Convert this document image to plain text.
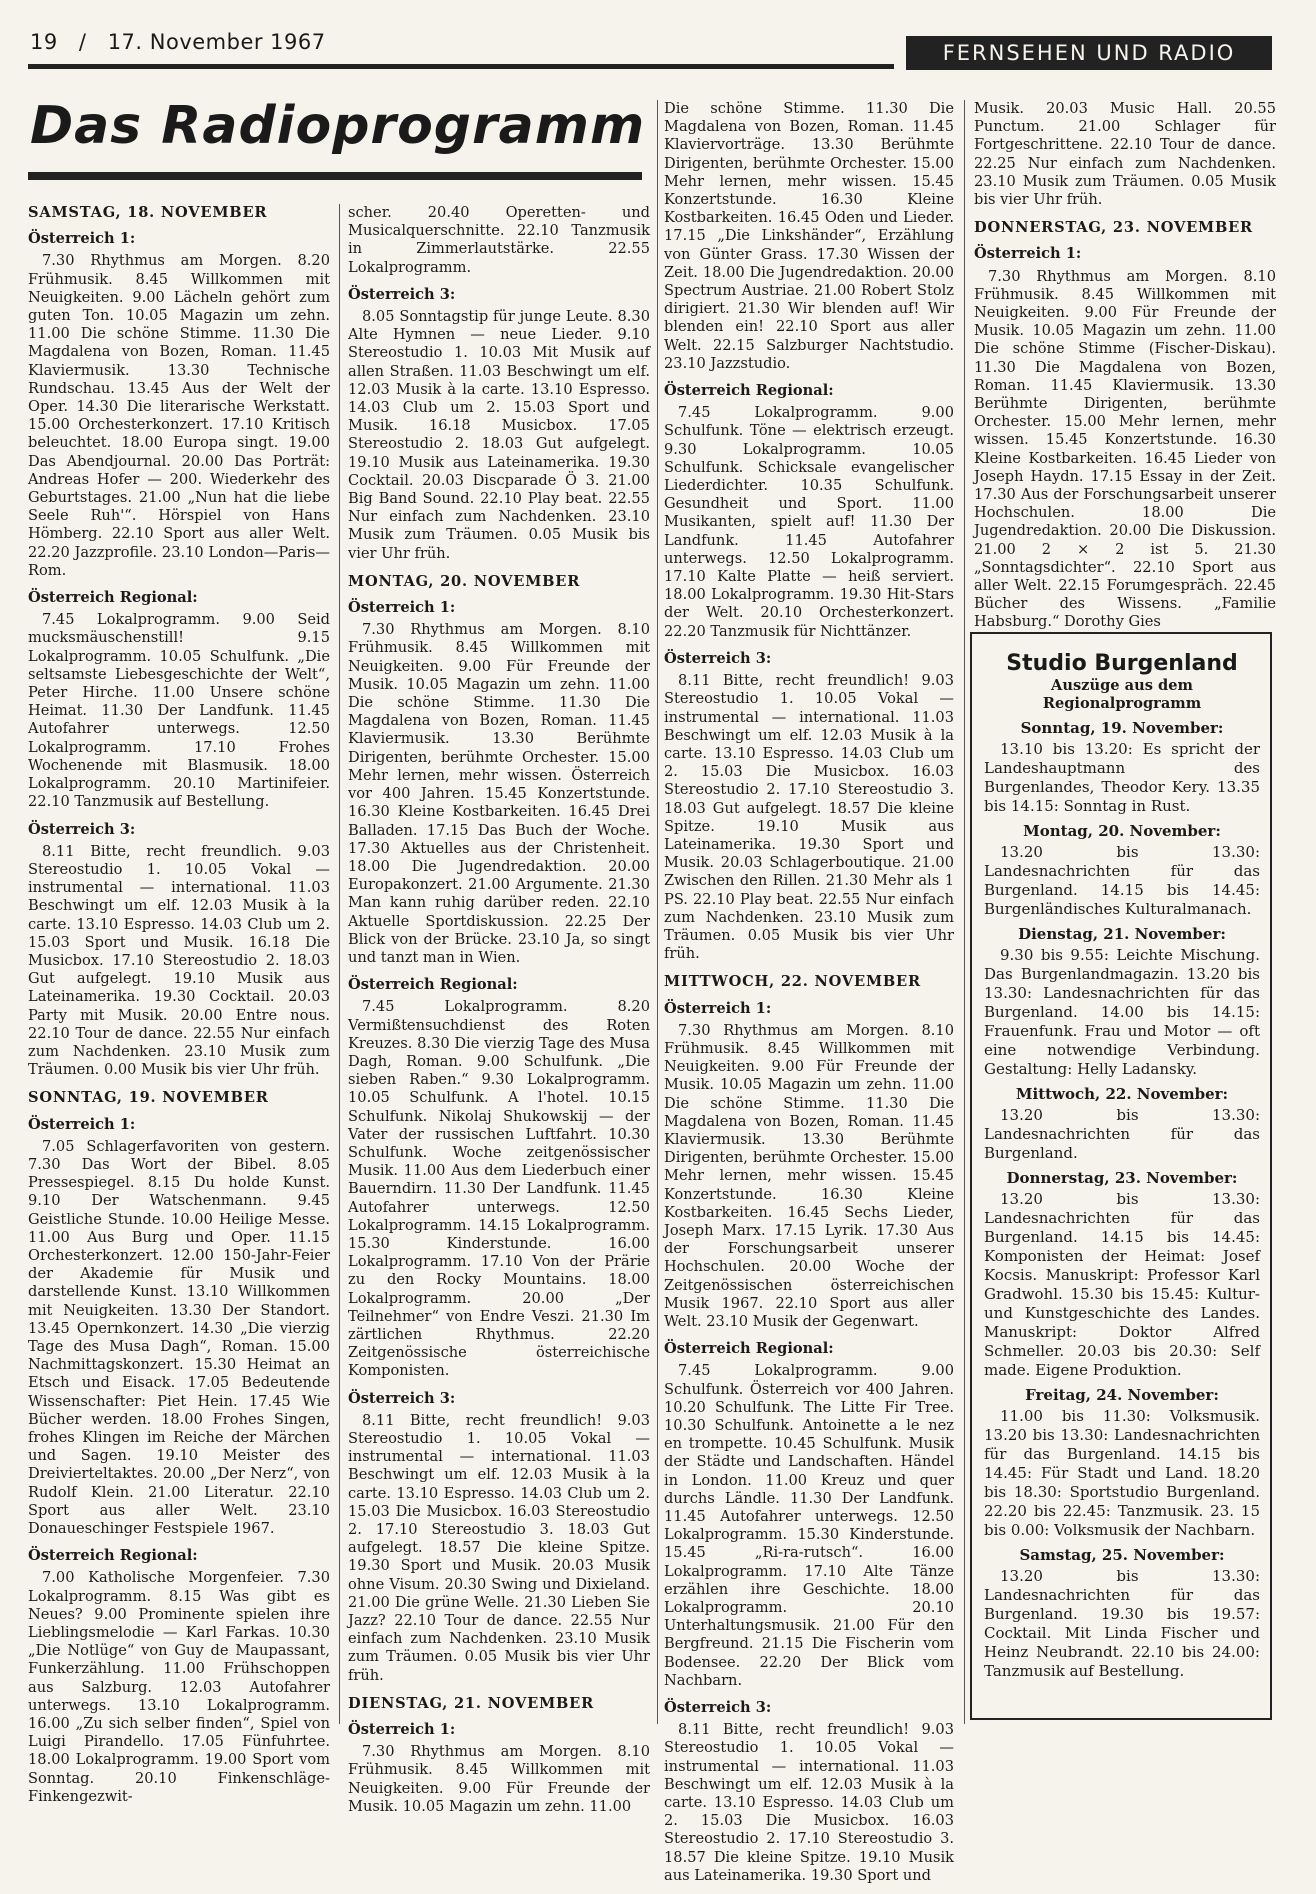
19 / 17. November 1967	FERNSEHEN UND RADIO
Das Radioprogramm
SAMSTAG, 18. NOVEMBER
Österreich 1:

7.30 Rhythmus am Morgen. 8.20 Frühmusik. 8.45 Willkommen mit Neuigkeiten. 9.00 Lächeln gehört zum guten Ton. 10.05 Magazin um zehn. 11.00 Die schöne Stimme. 11.30 Die Magdalena von Bozen, Roman. 11.45 Klaviermusik. 13.30 Technische Rundschau. 13.45 Aus der Welt der Oper. 14.30 Die literarische Werkstatt. 15.00 Orchesterkonzert. 17.10 Kritisch beleuchtet. 18.00 Europa singt. 19.00 Das Abendjournal. 20.00 Das Porträt: Andreas Hofer — 200. Wiederkehr des Geburtstages. 21.00 „Nun hat die liebe Seele Ruh'“. Hörspiel von Hans Hömberg. 22.10 Sport aus aller Welt. 22.20 Jazzprofile. 23.10 London—Paris—Rom.

Österreich Regional:

7.45 Lokalprogramm. 9.00 Seid mucksmäuschenstill! 9.15 Lokalprogramm. 10.05 Schulfunk. „Die seltsamste Liebesgeschichte der Welt“, Peter Hirche. 11.00 Unsere schöne Heimat. 11.30 Der Landfunk. 11.45 Autofahrer unterwegs. 12.50 Lokalprogramm. 17.10 Frohes Wochenende mit Blasmusik. 18.00 Lokalprogramm. 20.10 Martinifeier. 22.10 Tanzmusik auf Bestellung.

Österreich 3:

8.11 Bitte, recht freundlich. 9.03 Stereostudio 1. 10.05 Vokal — instrumental — international. 11.03 Beschwingt um elf. 12.03 Musik à la carte. 13.10 Espresso. 14.03 Club um 2. 15.03 Sport und Musik. 16.18 Die Musicbox. 17.10 Stereostudio 2. 18.03 Gut aufgelegt. 19.10 Musik aus Lateinamerika. 19.30 Cocktail. 20.03 Party mit Musik. 20.00 Entre nous. 22.10 Tour de dance. 22.55 Nur einfach zum Nachdenken. 23.10 Musik zum Träumen. 0.00 Musik bis vier Uhr früh.

SONNTAG, 19. NOVEMBER
Österreich 1:

7.05 Schlagerfavoriten von gestern. 7.30 Das Wort der Bibel. 8.05 Pressespiegel. 8.15 Du holde Kunst. 9.10 Der Watschenmann. 9.45 Geistliche Stunde. 10.00 Heilige Messe. 11.00 Aus Burg und Oper. 11.15 Orchesterkonzert. 12.00 150-Jahr-Feier der Akademie für Musik und darstellende Kunst. 13.10 Willkommen mit Neuigkeiten. 13.30 Der Standort. 13.45 Opernkonzert. 14.30 „Die vierzig Tage des Musa Dagh“, Roman. 15.00 Nachmittagskonzert. 15.30 Heimat an Etsch und Eisack. 17.05 Bedeutende Wissenschafter: Piet Hein. 17.45 Wie Bücher werden. 18.00 Frohes Singen, frohes Klingen im Reiche der Märchen und Sagen. 19.10 Meister des Dreivierteltaktes. 20.00 „Der Nerz“, von Rudolf Klein. 21.00 Literatur. 22.10 Sport aus aller Welt. 23.10 Donaueschinger Festspiele 1967.

Österreich Regional:

7.00 Katholische Morgenfeier. 7.30 Lokalprogramm. 8.15 Was gibt es Neues? 9.00 Prominente spielen ihre Lieblingsmelodie — Karl Farkas. 10.30 „Die Notlüge“ von Guy de Maupassant, Funkerzählung. 11.00 Frühschoppen aus Salzburg. 12.03 Autofahrer unterwegs. 13.10 Lokalprogramm. 16.00 „Zu sich selber finden“, Spiel von Luigi Pirandello. 17.05 Fünfuhrtee. 18.00 Lokalprogramm. 19.00 Sport vom Sonntag. 20.10 Finkenschläge-Finkengezwit-

scher. 20.40 Operetten- und Musicalquerschnitte. 22.10 Tanzmusik in Zimmerlautstärke. 22.55 Lokalprogramm.

Österreich 3:

8.05 Sonntagstip für junge Leute. 8.30 Alte Hymnen — neue Lieder. 9.10 Stereostudio 1. 10.03 Mit Musik auf allen Straßen. 11.03 Beschwingt um elf. 12.03 Musik à la carte. 13.10 Espresso. 14.03 Club um 2. 15.03 Sport und Musik. 16.18 Musicbox. 17.05 Stereostudio 2. 18.03 Gut aufgelegt. 19.10 Musik aus Lateinamerika. 19.30 Cocktail. 20.03 Discparade Ö 3. 21.00 Big Band Sound. 22.10 Play beat. 22.55 Nur einfach zum Nachdenken. 23.10 Musik zum Träumen. 0.05 Musik bis vier Uhr früh.

MONTAG, 20. NOVEMBER
Österreich 1:

7.30 Rhythmus am Morgen. 8.10 Frühmusik. 8.45 Willkommen mit Neuigkeiten. 9.00 Für Freunde der Musik. 10.05 Magazin um zehn. 11.00 Die schöne Stimme. 11.30 Die Magdalena von Bozen, Roman. 11.45 Klaviermusik. 13.30 Berühmte Dirigenten, berühmte Orchester. 15.00 Mehr lernen, mehr wissen. Österreich vor 400 Jahren. 15.45 Konzertstunde. 16.30 Kleine Kostbarkeiten. 16.45 Drei Balladen. 17.15 Das Buch der Woche. 17.30 Aktuelles aus der Christenheit. 18.00 Die Jugendredaktion. 20.00 Europakonzert. 21.00 Argumente. 21.30 Man kann ruhig darüber reden. 22.10 Aktuelle Sportdiskussion. 22.25 Der Blick von der Brücke. 23.10 Ja, so singt und tanzt man in Wien.

Österreich Regional:

7.45 Lokalprogramm. 8.20 Vermißtensuchdienst des Roten Kreuzes. 8.30 Die vierzig Tage des Musa Dagh, Roman. 9.00 Schulfunk. „Die sieben Raben.“ 9.30 Lokalprogramm. 10.05 Schulfunk. A l'hotel. 10.15 Schulfunk. Nikolaj Shukowskij — der Vater der russischen Luftfahrt. 10.30 Schulfunk. Woche zeitgenössischer Musik. 11.00 Aus dem Liederbuch einer Bauerndirn. 11.30 Der Landfunk. 11.45 Autofahrer unterwegs. 12.50 Lokalprogramm. 14.15 Lokalprogramm. 15.30 Kinderstunde. 16.00 Lokalprogramm. 17.10 Von der Prärie zu den Rocky Mountains. 18.00 Lokalprogramm. 20.00 „Der Teilnehmer“ von Endre Veszi. 21.30 Im zärtlichen Rhythmus. 22.20 Zeitgenössische österreichische Komponisten.

Österreich 3:

8.11 Bitte, recht freundlich! 9.03 Stereostudio 1. 10.05 Vokal — instrumental — international. 11.03 Beschwingt um elf. 12.03 Musik à la carte. 13.10 Espresso. 14.03 Club um 2. 15.03 Die Musicbox. 16.03 Stereostudio 2. 17.10 Stereostudio 3. 18.03 Gut aufgelegt. 18.57 Die kleine Spitze. 19.30 Sport und Musik. 20.03 Musik ohne Visum. 20.30 Swing und Dixieland. 21.00 Die grüne Welle. 21.30 Lieben Sie Jazz? 22.10 Tour de dance. 22.55 Nur einfach zum Nachdenken. 23.10 Musik zum Träumen. 0.05 Musik bis vier Uhr früh.

DIENSTAG, 21. NOVEMBER
Österreich 1:

7.30 Rhythmus am Morgen. 8.10 Frühmusik. 8.45 Willkommen mit Neuigkeiten. 9.00 Für Freunde der Musik. 10.05 Magazin um zehn. 11.00

Die schöne Stimme. 11.30 Die Magdalena von Bozen, Roman. 11.45 Klaviervorträge. 13.30 Berühmte Dirigenten, berühmte Orchester. 15.00 Mehr lernen, mehr wissen. 15.45 Konzertstunde. 16.30 Kleine Kostbarkeiten. 16.45 Oden und Lieder. 17.15 „Die Linkshänder“, Erzählung von Günter Grass. 17.30 Wissen der Zeit. 18.00 Die Jugendredaktion. 20.00 Spectrum Austriae. 21.00 Robert Stolz dirigiert. 21.30 Wir blenden auf! Wir blenden ein! 22.10 Sport aus aller Welt. 22.15 Salzburger Nachtstudio. 23.10 Jazzstudio.

Österreich Regional:

7.45 Lokalprogramm. 9.00 Schulfunk. Töne — elektrisch erzeugt. 9.30 Lokalprogramm. 10.05 Schulfunk. Schicksale evangelischer Liederdichter. 10.35 Schulfunk. Gesundheit und Sport. 11.00 Musikanten, spielt auf! 11.30 Der Landfunk. 11.45 Autofahrer unterwegs. 12.50 Lokalprogramm. 17.10 Kalte Platte — heiß serviert. 18.00 Lokalprogramm. 19.30 Hit-Stars der Welt. 20.10 Orchesterkonzert. 22.20 Tanzmusik für Nichttänzer.

Österreich 3:

8.11 Bitte, recht freundlich! 9.03 Stereostudio 1. 10.05 Vokal — instrumental — international. 11.03 Beschwingt um elf. 12.03 Musik à la carte. 13.10 Espresso. 14.03 Club um 2. 15.03 Die Musicbox. 16.03 Stereostudio 2. 17.10 Stereostudio 3. 18.03 Gut aufgelegt. 18.57 Die kleine Spitze. 19.10 Musik aus Lateinamerika. 19.30 Sport und Musik. 20.03 Schlagerboutique. 21.00 Zwischen den Rillen. 21.30 Mehr als 1 PS. 22.10 Play beat. 22.55 Nur einfach zum Nachdenken. 23.10 Musik zum Träumen. 0.05 Musik bis vier Uhr früh.

MITTWOCH, 22. NOVEMBER
Österreich 1:

7.30 Rhythmus am Morgen. 8.10 Frühmusik. 8.45 Willkommen mit Neuigkeiten. 9.00 Für Freunde der Musik. 10.05 Magazin um zehn. 11.00 Die schöne Stimme. 11.30 Die Magdalena von Bozen, Roman. 11.45 Klaviermusik. 13.30 Berühmte Dirigenten, berühmte Orchester. 15.00 Mehr lernen, mehr wissen. 15.45 Konzertstunde. 16.30 Kleine Kostbarkeiten. 16.45 Sechs Lieder, Joseph Marx. 17.15 Lyrik. 17.30 Aus der Forschungsarbeit unserer Hochschulen. 20.00 Woche der Zeitgenössischen österreichischen Musik 1967. 22.10 Sport aus aller Welt. 23.10 Musik der Gegenwart.

Österreich Regional:

7.45 Lokalprogramm. 9.00 Schulfunk. Österreich vor 400 Jahren. 10.20 Schulfunk. The Litte Fir Tree. 10.30 Schulfunk. Antoinette a le nez en trompette. 10.45 Schulfunk. Musik der Städte und Landschaften. Händel in London. 11.00 Kreuz und quer durchs Ländle. 11.30 Der Landfunk. 11.45 Autofahrer unterwegs. 12.50 Lokalprogramm. 15.30 Kinderstunde. 15.45 „Ri-ra-rutsch“. 16.00 Lokalprogramm. 17.10 Alte Tänze erzählen ihre Geschichte. 18.00 Lokalprogramm. 20.10 Unterhaltungsmusik. 21.00 Für den Bergfreund. 21.15 Die Fischerin vom Bodensee. 22.20 Der Blick vom Nachbarn.

Österreich 3:

8.11 Bitte, recht freundlich! 9.03 Stereostudio 1. 10.05 Vokal — instrumental — international. 11.03 Beschwingt um elf. 12.03 Musik à la carte. 13.10 Espresso. 14.03 Club um 2. 15.03 Die Musicbox. 16.03 Stereostudio 2. 17.10 Stereostudio 3. 18.57 Die kleine Spitze. 19.10 Musik aus Lateinamerika. 19.30 Sport und

Musik. 20.03 Music Hall. 20.55 Punctum. 21.00 Schlager für Fortgeschrittene. 22.10 Tour de dance. 22.25 Nur einfach zum Nachdenken. 23.10 Musik zum Träumen. 0.05 Musik bis vier Uhr früh.

DONNERSTAG, 23. NOVEMBER
Österreich 1:

7.30 Rhythmus am Morgen. 8.10 Frühmusik. 8.45 Willkommen mit Neuigkeiten. 9.00 Für Freunde der Musik. 10.05 Magazin um zehn. 11.00 Die schöne Stimme (Fischer-Diskau). 11.30 Die Magdalena von Bozen, Roman. 11.45 Klaviermusik. 13.30 Berühmte Dirigenten, berühmte Orchester. 15.00 Mehr lernen, mehr wissen. 15.45 Konzertstunde. 16.30 Kleine Kostbarkeiten. 16.45 Lieder von Joseph Haydn. 17.15 Essay in der Zeit. 17.30 Aus der Forschungsarbeit unserer Hochschulen. 18.00 Die Jugendredaktion. 20.00 Die Diskussion. 21.00 2 × 2 ist 5. 21.30 „Sonntagsdichter“. 22.10 Sport aus aller Welt. 22.15 Forumgespräch. 22.45 Bücher des Wissens. „Familie Habsburg.“ Dorothy Gies

Studio Burgenland
Auszüge aus dem
Regionalprogramm
Sonntag, 19. November:

13.10 bis 13.20: Es spricht der Landeshauptmann des Burgenlandes, Theodor Kery. 13.35 bis 14.15: Sonntag in Rust.

Montag, 20. November:

13.20 bis 13.30: Landesnachrichten für das Burgenland. 14.15 bis 14.45: Burgenländisches Kulturalmanach.

Dienstag, 21. November:

9.30 bis 9.55: Leichte Mischung. Das Burgenlandmagazin. 13.20 bis 13.30: Landesnachrichten für das Burgenland. 14.00 bis 14.15: Frauenfunk. Frau und Motor — oft eine notwendige Verbindung. Gestaltung: Helly Ladansky.

Mittwoch, 22. November:

13.20 bis 13.30: Landesnachrichten für das Burgenland.

Donnerstag, 23. November:

13.20 bis 13.30: Landesnachrichten für das Burgenland. 14.15 bis 14.45: Komponisten der Heimat: Josef Kocsis. Manuskript: Professor Karl Gradwohl. 15.30 bis 15.45: Kultur- und Kunstgeschichte des Landes. Manuskript: Doktor Alfred Schmeller. 20.03 bis 20.30: Self made. Eigene Produktion.

Freitag, 24. November:

11.00 bis 11.30: Volksmusik. 13.20 bis 13.30: Landesnachrichten für das Burgenland. 14.15 bis 14.45: Für Stadt und Land. 18.20 bis 18.30: Sportstudio Burgenland. 22.20 bis 22.45: Tanzmusik. 23. 15 bis 0.00: Volksmusik der Nachbarn.

Samstag, 25. November:

13.20 bis 13.30: Landesnachrichten für das Burgenland. 19.30 bis 19.57: Cocktail. Mit Linda Fischer und Heinz Neubrandt. 22.10 bis 24.00: Tanzmusik auf Bestellung.
